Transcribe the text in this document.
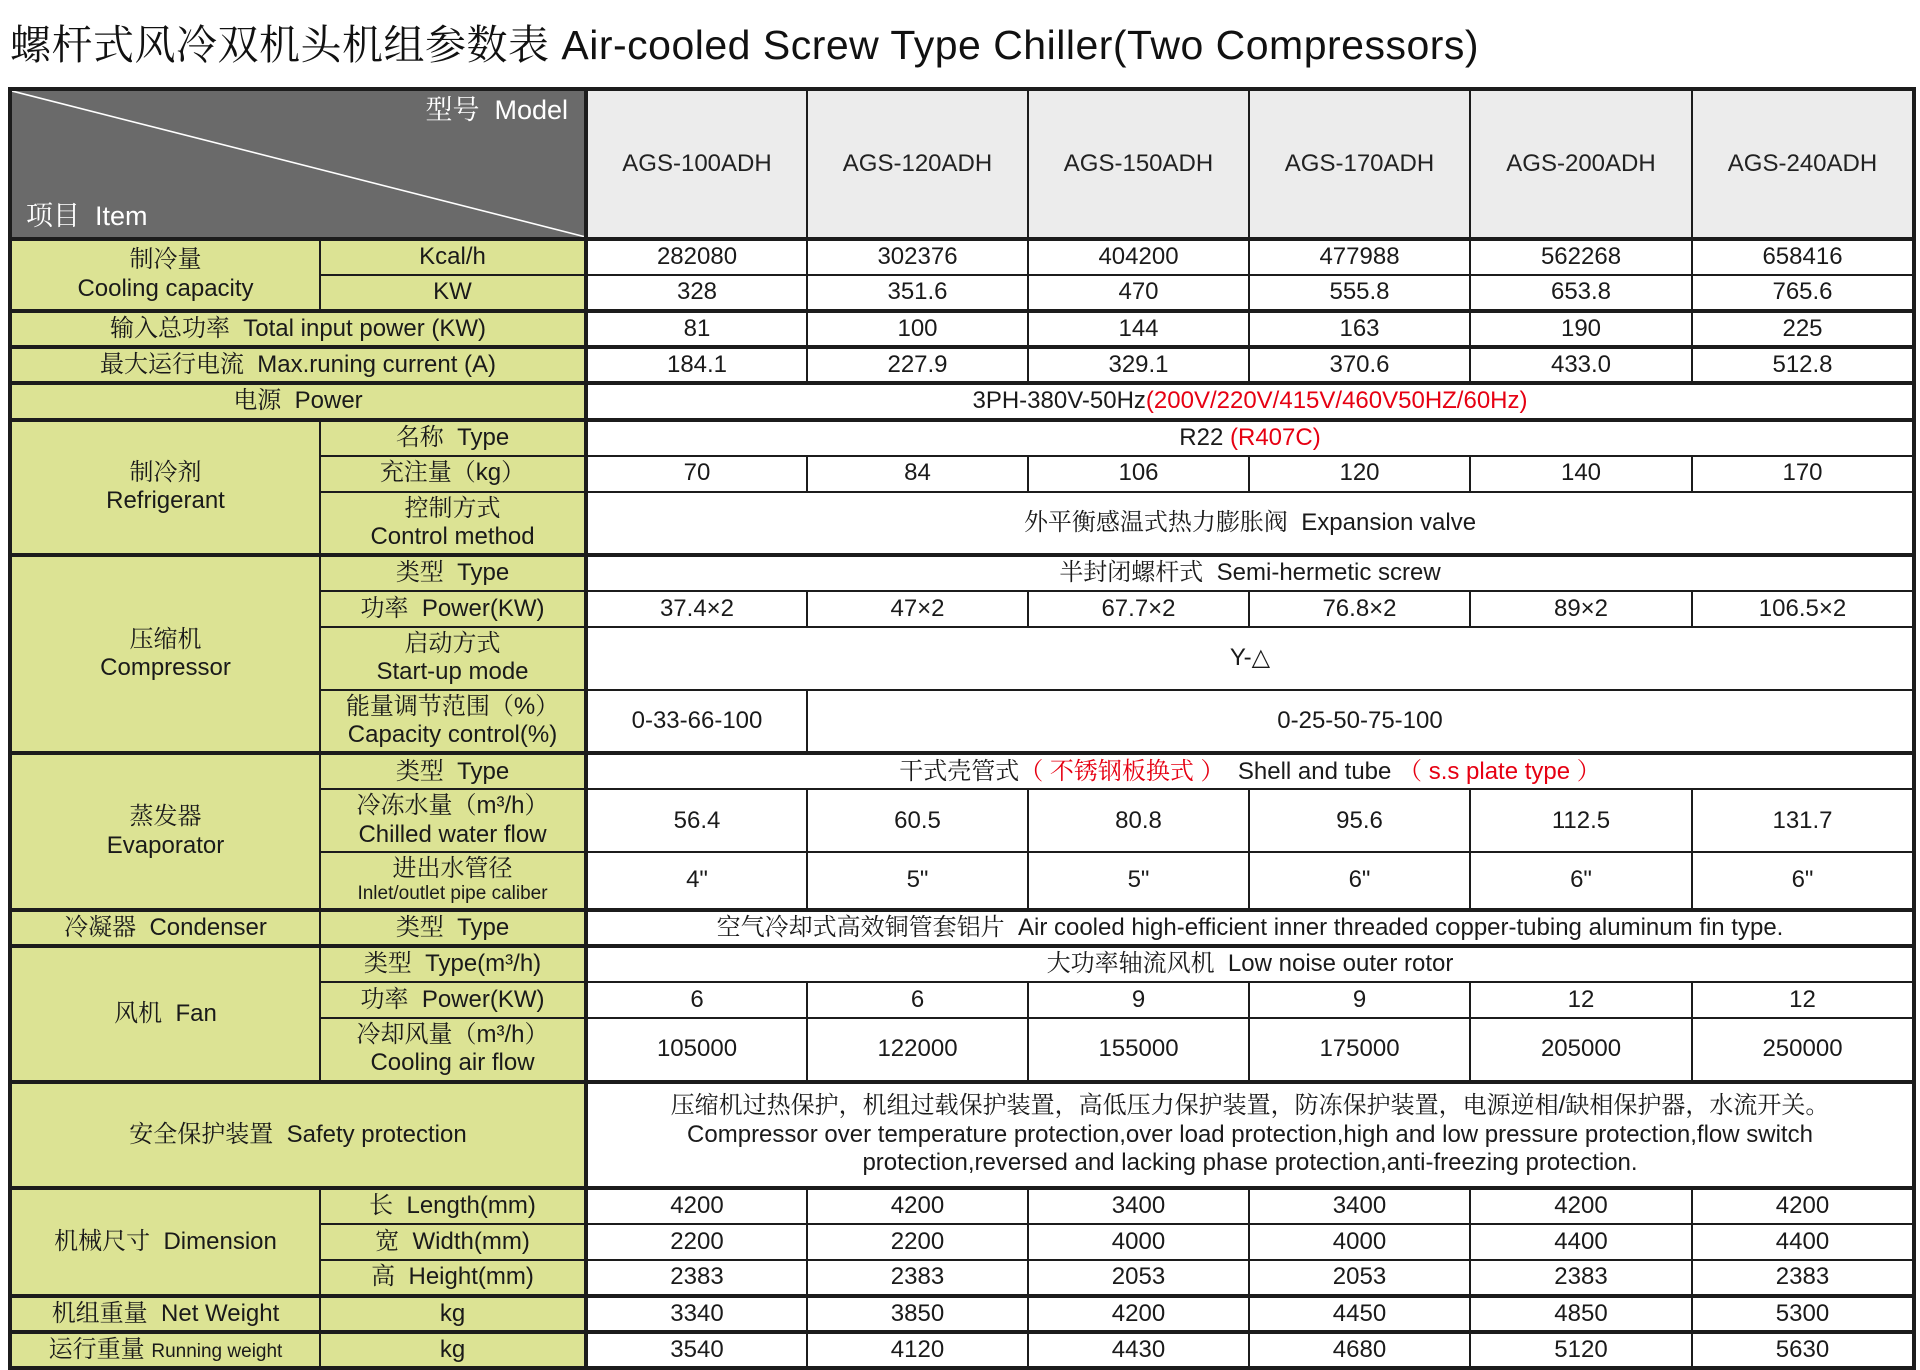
螺杆式风冷双机头机组参数表 Air-cooled Screw Type Chiller(Two Compressors)

型号  Model

项目  Item		AGS-100ADH	AGS-120ADH	AGS-150ADH	AGS-170ADH	AGS-200ADH	AGS-240ADH

制冷量
Cooling capacity	Kcal/h	282080	302376	404200	477988	562268	658416
	KW	328	351.6	470	555.8	653.8	765.6
输入总功率  Total input power (KW)		81	100	144	163	190	225
最大运行电流  Max.runing current (A)		184.1	227.9	329.1	370.6	433.0	512.8
电源  Power		3PH-380V-50Hz(200V/220V/415V/460V50HZ/60Hz)					

制冷剂
Refrigerant	名称  Type	R22 (R407C)					
	充注量（kg）	70	84	106	120	140	170

	控制方式
Control method	外平衡感温式热力膨胀阀  Expansion valve					

压缩机
Compressor	类型  Type	半封闭螺杆式  Semi-hermetic screw					
	功率  Power(KW)	37.4×2	47×2	67.7×2	76.8×2	89×2	106.5×2

	启动方式
Start-up mode	Y-△					

	能量调节范围（%）
Capacity control(%)	0-33-66-100	0-25-50-75-100				

蒸发器
Evaporator	类型  Type	干式壳管式（ 不锈钢板换式 ）  Shell and tube （ s.s plate type ）					

	冷冻水量（m³/h）
Chilled water flow	56.4	60.5	80.8	95.6	112.5	131.7

	进出水管径
Inlet/outlet pipe caliber	4"	5"	5"	6"	6"	6"
冷凝器  Condenser	类型  Type	空气冷却式高效铜管套铝片  Air cooled high-efficient inner threaded copper-tubing aluminum fin type.					
风机  Fan	类型  Type(m³/h)	大功率轴流风机  Low noise outer rotor					
	功率  Power(KW)	6	6	9	9	12	12

	冷却风量（m³/h）
Cooling air flow	105000	122000	155000	175000	205000	250000
安全保护装置  Safety protection		压缩机过热保护，机组过载保护装置，高低压力保护装置，防冻保护装置，电源逆相/缺相保护器，水流开关。
Compressor over temperature protection,over load protection,high and low pressure protection,flow switch protection,reversed and lacking phase protection,anti-freezing protection.					

机械尺寸  Dimension	长  Length(mm)	4200	4200	3400	3400	4200	4200
	宽  Width(mm)	2200	2200	4000	4000	4400	4400
	高  Height(mm)	2383	2383	2053	2053	2383	2383
机组重量  Net Weight	kg	3340	3850	4200	4450	4850	5300
运行重量 Running weight	kg	3540	4120	4430	4680	5120	5630
